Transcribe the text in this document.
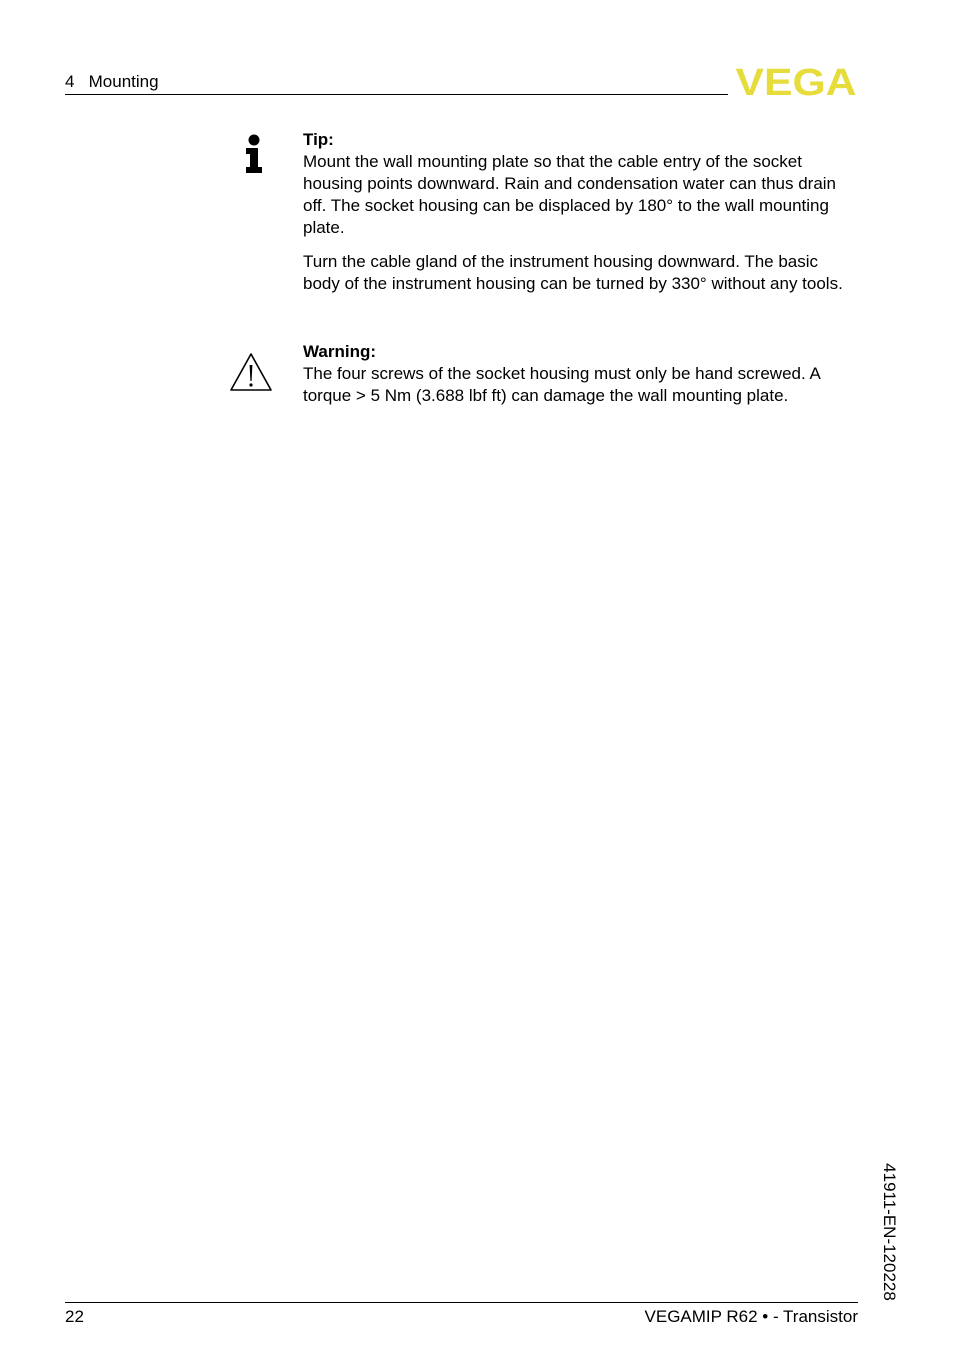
4   Mounting	VEGA
Tip:

Mount the wall mounting plate so that the cable entry of the socket housing points downward. Rain and condensation water can thus drain off. The socket housing can be displaced by 180° to the wall mounting plate.

Turn the cable gland of the instrument housing downward. The basic body of the instrument housing can be turned by 330° without any tools.

Warning:

The four screws of the socket housing must only be hand screwed. A torque > 5 Nm (3.688 lbf ft) can damage the wall mounting plate.

41911-EN-120228
22	VEGAMIP R62 • - Transistor
